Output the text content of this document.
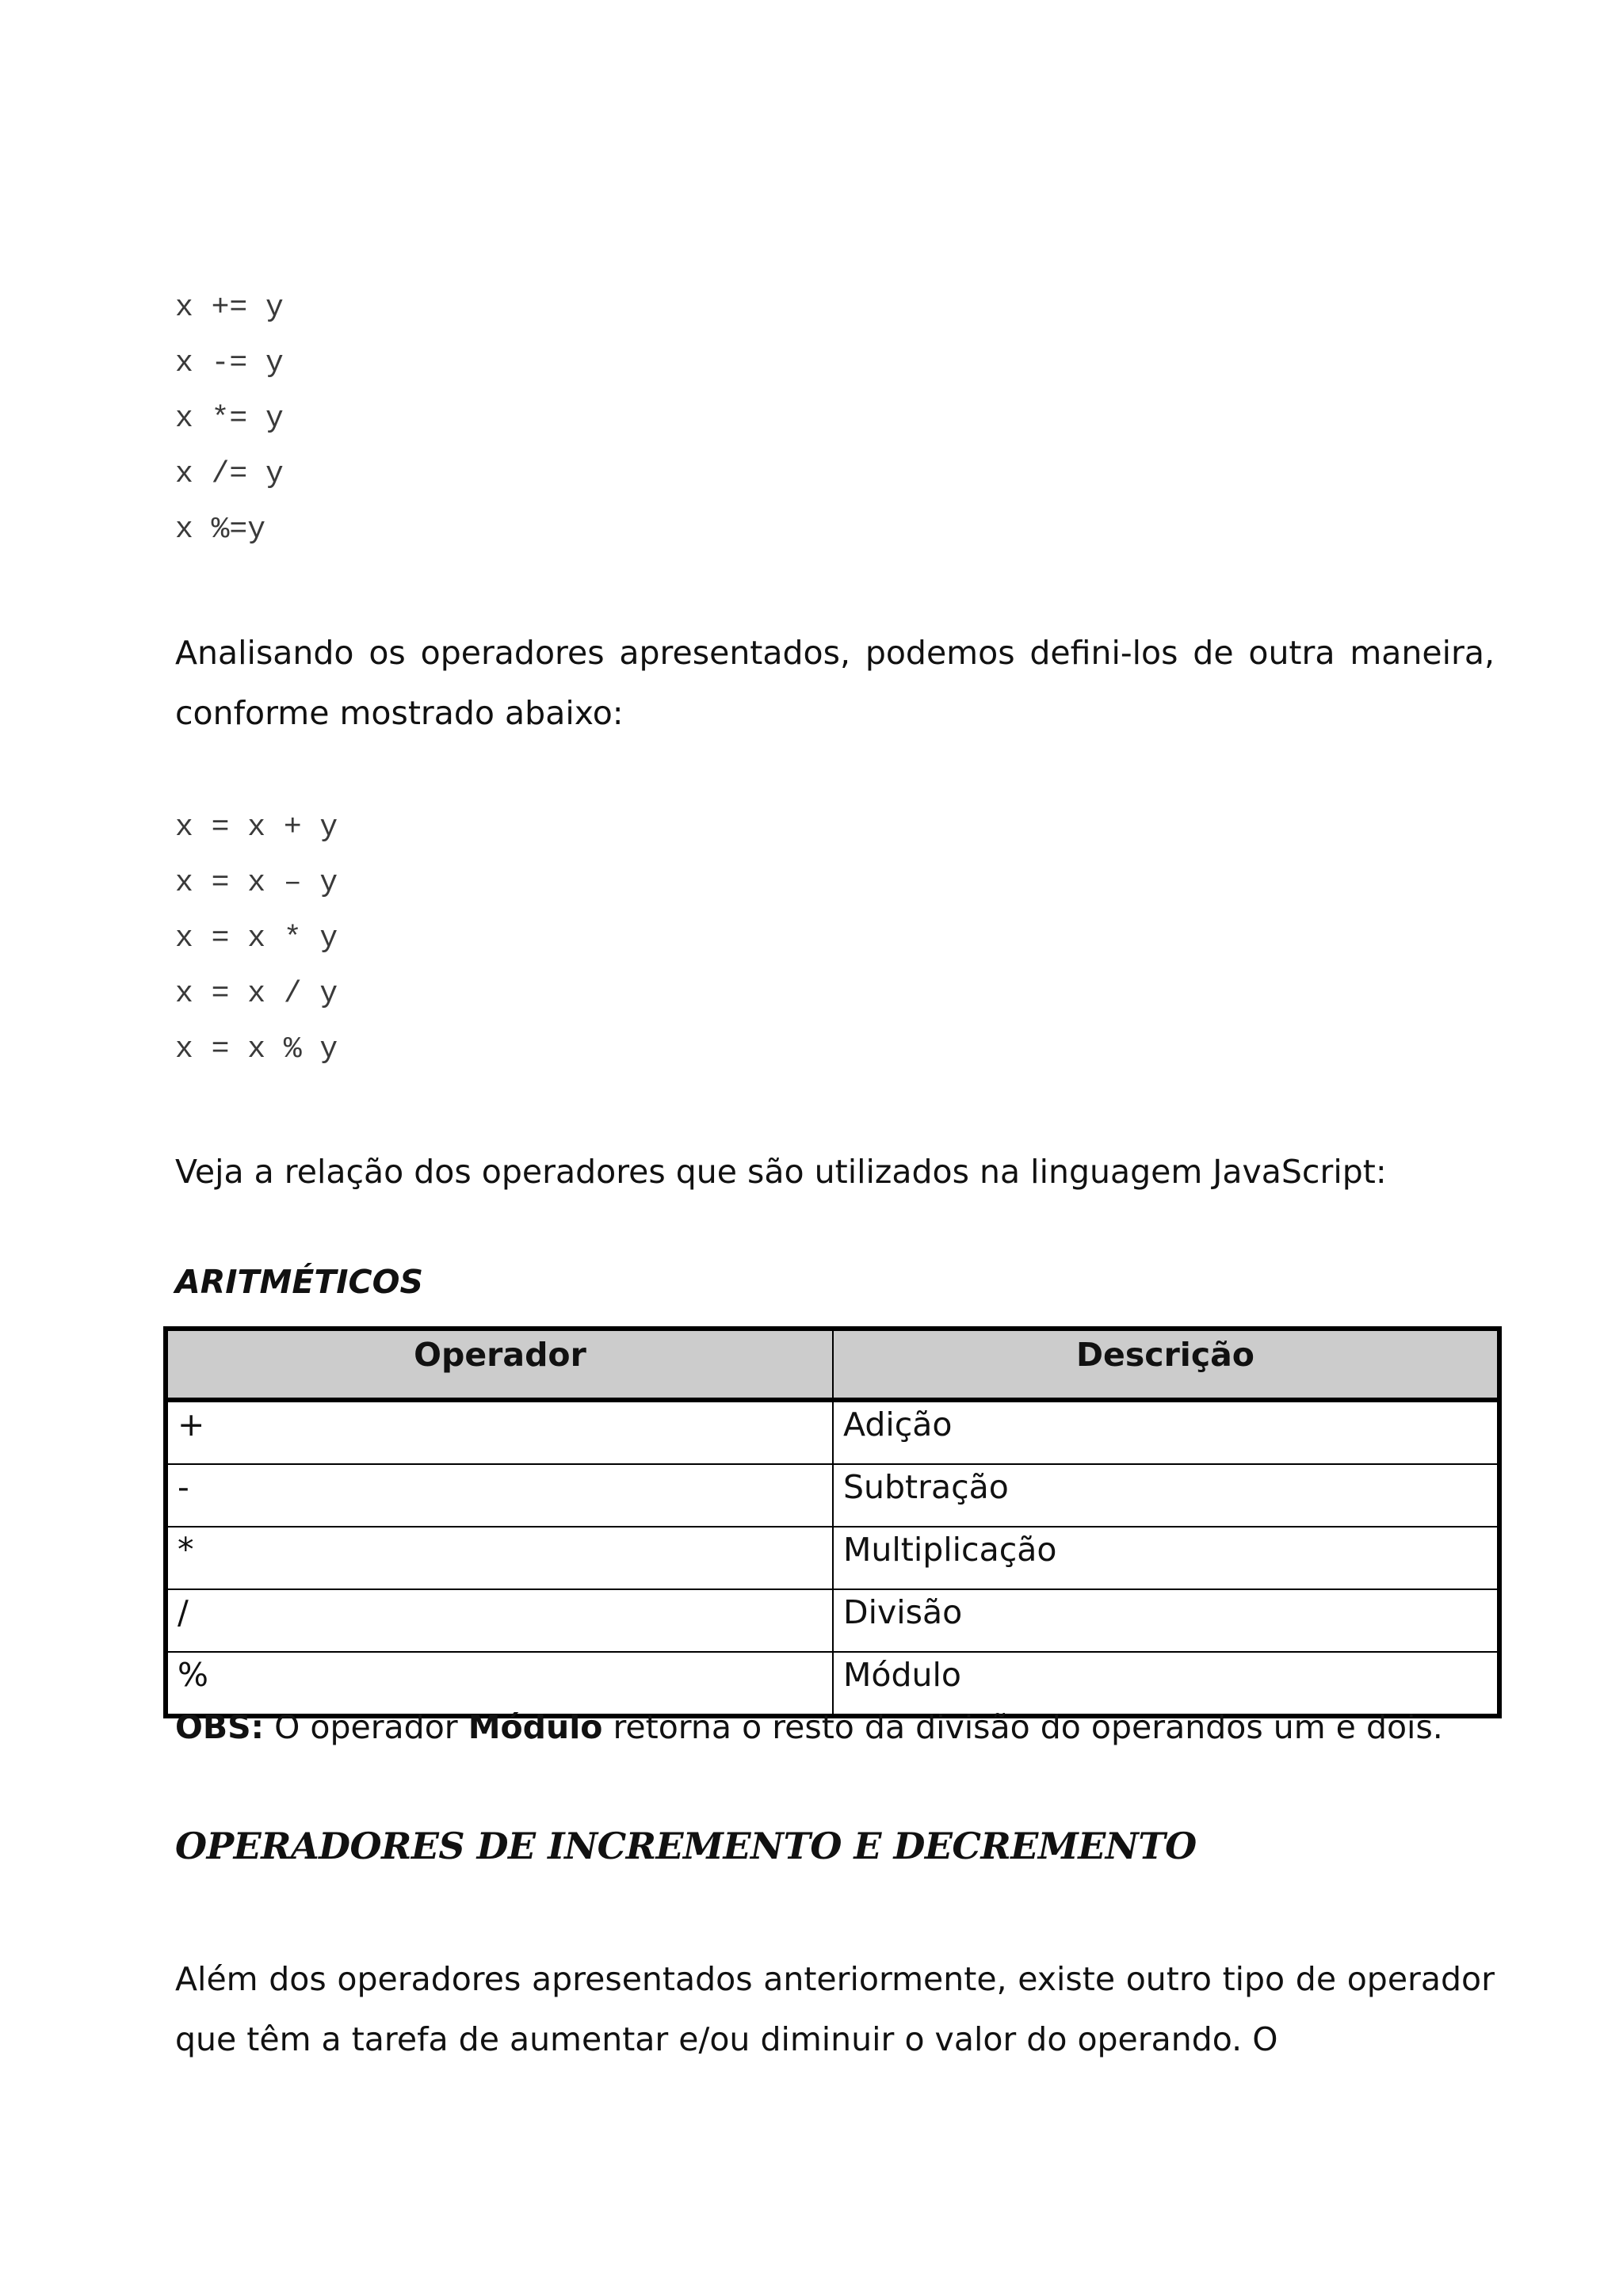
x += y
x -= y
x *= y
x /= y
x %=y

Analisando os operadores apresentados, podemos defini-los de outra maneira, conforme mostrado abaixo:

x = x + y
x = x – y
x = x * y
x = x / y
x = x % y

Veja a relação dos operadores que são utilizados na linguagem JavaScript:

ARITMÉTICOS
Operador	Descrição
+	Adição
-	Subtração
*	Multiplicação
/	Divisão
%	Módulo

OBS: O operador Módulo retorna o resto da divisão do operandos um e dois.

OPERADORES DE INCREMENTO E DECREMENTO

Além dos operadores apresentados anteriormente, existe outro tipo de operador que têm a tarefa de aumentar e/ou diminuir o valor do operando. O
